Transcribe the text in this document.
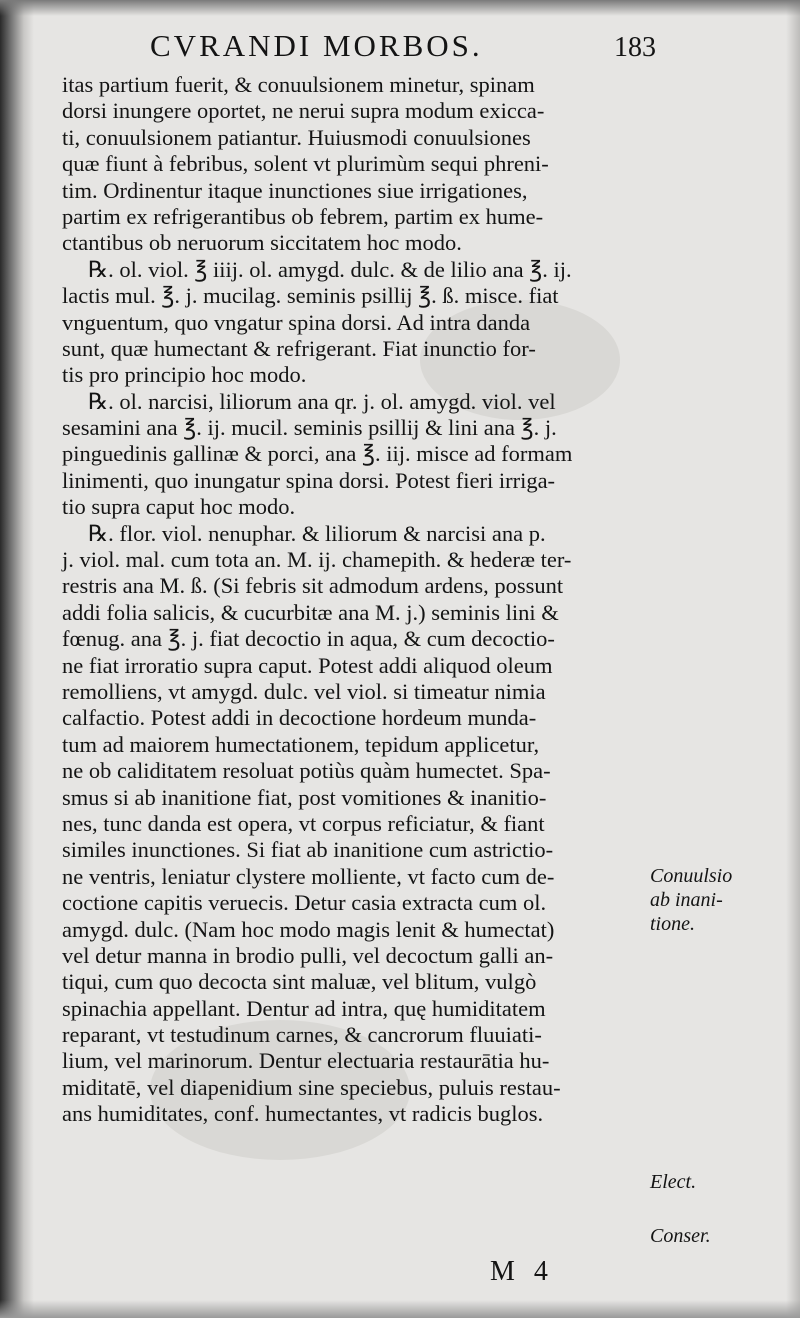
CVRANDI MORBOS.	183
itas partium fuerit, & conuulsionem minetur, spinam
dorsi inungere oportet, ne nerui supra modum exicca-
ti, conuulsionem patiantur. Huiusmodi conuulsiones
quæ fiunt à febribus, solent vt plurimùm sequi phreni-
tim. Ordinentur itaque inunctiones siue irrigationes,
partim ex refrigerantibus ob febrem, partim ex hume-
ctantibus ob neruorum siccitatem hoc modo.
℞. ol. viol. ℥ iiij. ol. amygd. dulc. & de lilio ana ℥. ij.
lactis mul. ℥. j. mucilag. seminis psillij ℥. ß. misce. fiat
vnguentum, quo vngatur spina dorsi. Ad intra danda
sunt, quæ humectant & refrigerant. Fiat inunctio for-
tis pro principio hoc modo.
℞. ol. narcisi, liliorum ana qr. j. ol. amygd. viol. vel
sesamini ana ℥. ij. mucil. seminis psillij & lini ana ℥. j.
pinguedinis gallinæ & porci, ana ℥. iij. misce ad formam
linimenti, quo inungatur spina dorsi. Potest fieri irriga-
tio supra caput hoc modo.
℞. flor. viol. nenuphar. & liliorum & narcisi ana p.
j. viol. mal. cum tota an. M. ij. chamepith. & hederæ ter-
restris ana M. ß. (Si febris sit admodum ardens, possunt
addi folia salicis, & cucurbitæ ana M. j.) seminis lini &
fœnug. ana ℥. j. fiat decoctio in aqua, & cum decoctio-
ne fiat irroratio supra caput. Potest addi aliquod oleum
remolliens, vt amygd. dulc. vel viol. si timeatur nimia
calfactio. Potest addi in decoctione hordeum munda-
tum ad maiorem humectationem, tepidum applicetur,
ne ob caliditatem resoluat potiùs quàm humectet. Spa-
smus si ab inanitione fiat, post vomitiones & inanitio-
nes, tunc danda est opera, vt corpus reficiatur, & fiant
similes inunctiones. Si fiat ab inanitione cum astrictio-
ne ventris, leniatur clystere molliente, vt facto cum de-
coctione capitis veruecis. Detur casia extracta cum ol.
amygd. dulc. (Nam hoc modo magis lenit & humectat)
vel detur manna in brodio pulli, vel decoctum galli an-
tiqui, cum quo decocta sint maluæ, vel blitum, vulgò
spinachia appellant. Dentur ad intra, quę humiditatem
reparant, vt testudinum carnes, & cancrorum fluuiati-
lium, vel marinorum. Dentur electuaria restaurātia hu-
miditatē, vel diapenidium sine speciebus, puluis restau-
ans humiditates, conf. humectantes, vt radicis buglos.
Conuulsio
ab inani-
tione.
Elect.
Conser.
M 4
